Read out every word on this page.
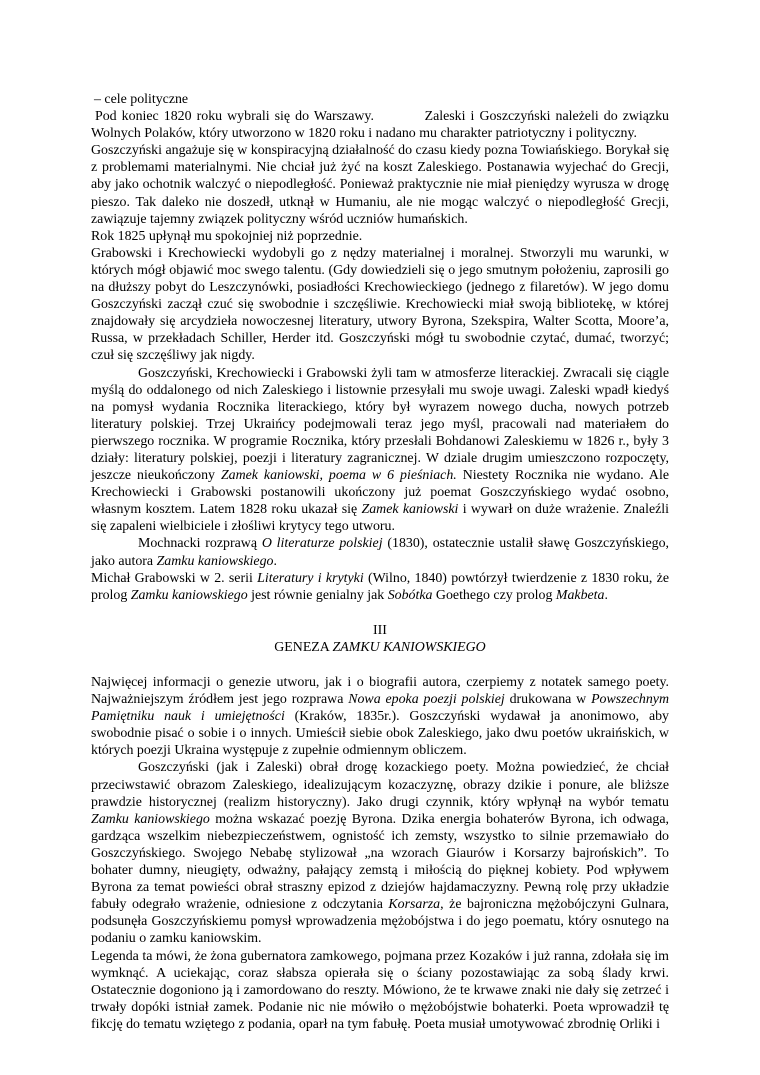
– cele polityczne

Pod koniec 1820 roku wybrali się do Warszawy.	Zaleski i Goszczyński należeli do związku Wolnych Polaków, który utworzono w 1820 roku i nadano mu charakter patriotyczny i polityczny.

Goszczyński angażuje się w konspiracyjną działalność do czasu kiedy pozna Towiańskiego. Borykał się z problemami materialnymi. Nie chciał już żyć na koszt Zaleskiego. Postanawia wyjechać do Grecji, aby jako ochotnik walczyć o niepodległość. Ponieważ praktycznie nie miał pieniędzy wyrusza w drogę pieszo. Tak daleko nie doszedł, utknął w Humaniu, ale nie mogąc walczyć o niepodległość Grecji, zawiązuje tajemny związek polityczny wśród uczniów humańskich.

Rok 1825 upłynął mu spokojniej niż poprzednie.

Grabowski i Krechowiecki wydobyli go z nędzy materialnej i moralnej. Stworzyli mu warunki, w których mógł objawić moc swego talentu. (Gdy dowiedzieli się o jego smutnym położeniu, zaprosili go na dłuższy pobyt do Leszczynówki, posiadłości Krechowieckiego (jednego z filaretów). W jego domu Goszczyński zaczął czuć się swobodnie i szczęśliwie. Krechowiecki miał swoją bibliotekę, w której znajdowały się arcydzieła nowoczesnej literatury, utwory Byrona, Szekspira, Walter Scotta, Moore’a, Russa, w przekładach Schiller, Herder itd. Goszczyński mógł tu swobodnie czytać, dumać, tworzyć; czuł się szczęśliwy jak nigdy.

Goszczyński, Krechowiecki i Grabowski żyli tam w atmosferze literackiej. Zwracali się ciągle myślą do oddalonego od nich Zaleskiego i listownie przesyłali mu swoje uwagi. Zaleski wpadł kiedyś na pomysł wydania Rocznika literackiego, który był wyrazem nowego ducha, nowych potrzeb literatury polskiej. Trzej Ukraińcy podejmowali teraz jego myśl, pracowali nad materiałem do pierwszego rocznika. W programie Rocznika, który przesłali Bohdanowi Zaleskiemu w 1826 r., były 3 działy: literatury polskiej, poezji i literatury zagranicznej. W dziale drugim umieszczono rozpoczęty, jeszcze nieukończony Zamek kaniowski, poema w 6 pieśniach. Niestety Rocznika nie wydano. Ale Krechowiecki i Grabowski postanowili ukończony już poemat Goszczyńskiego wydać osobno, własnym kosztem. Latem 1828 roku ukazał się Zamek kaniowski i wywarł on duże wrażenie. Znaleźli się zapaleni wielbiciele i złośliwi krytycy tego utworu.

Mochnacki rozprawą O literaturze polskiej (1830), ostatecznie ustalił sławę Goszczyńskiego, jako autora Zamku kaniowskiego.

Michał Grabowski w 2. serii Literatury i krytyki (Wilno, 1840) powtórzył twierdzenie z 1830 roku, że prolog Zamku kaniowskiego jest równie genialny jak Sobótka Goethego czy prolog Makbeta.

III

GENEZA ZAMKU KANIOWSKIEGO

Najwięcej informacji o genezie utworu, jak i o biografii autora, czerpiemy z notatek samego poety. Najważniejszym źródłem jest jego rozprawa Nowa epoka poezji polskiej drukowana w Powszechnym Pamiętniku nauk i umiejętności (Kraków, 1835r.). Goszczyński wydawał ja anonimowo, aby swobodnie pisać o sobie i o innych. Umieścił siebie obok Zaleskiego, jako dwu poetów ukraińskich, w których poezji Ukraina występuje z zupełnie odmiennym obliczem.

Goszczyński (jak i Zaleski) obrał drogę kozackiego poety. Można powiedzieć, że chciał przeciwstawić obrazom Zaleskiego, idealizującym kozaczyznę, obrazy dzikie i ponure, ale bliższe prawdzie historycznej (realizm historyczny). Jako drugi czynnik, który wpłynął na wybór tematu Zamku kaniowskiego można wskazać poezję Byrona. Dzika energia bohaterów Byrona, ich odwaga, gardząca wszelkim niebezpieczeństwem, ognistość ich zemsty, wszystko to silnie przemawiało do Goszczyńskiego. Swojego Nebabę stylizował „na wzorach Giaurów i Korsarzy bajrońskich”. To bohater dumny, nieugięty, odważny, pałający zemstą i miłością do pięknej kobiety. Pod wpływem Byrona za temat powieści obrał straszny epizod z dziejów hajdamaczyzny. Pewną rolę przy układzie fabuły odegrało wrażenie, odniesione z odczytania Korsarza, że bajroniczna mężobójczyni Gulnara, podsunęła Goszczyńskiemu pomysł wprowadzenia mężobójstwa i do jego poematu, który osnutego na podaniu o zamku kaniowskim.

Legenda ta mówi, że żona gubernatora zamkowego, pojmana przez Kozaków i już ranna, zdołała się im wymknąć. A uciekając, coraz słabsza opierała się o ściany pozostawiając za sobą ślady krwi. Ostatecznie dogoniono ją i zamordowano do reszty. Mówiono, że te krwawe znaki nie dały się zetrzeć i trwały dopóki istniał zamek. Podanie nic nie mówiło o mężobójstwie bohaterki. Poeta wprowadził tę fikcję do tematu wziętego z podania, oparł na tym fabułę. Poeta musiał umotywować zbrodnię Orliki i
